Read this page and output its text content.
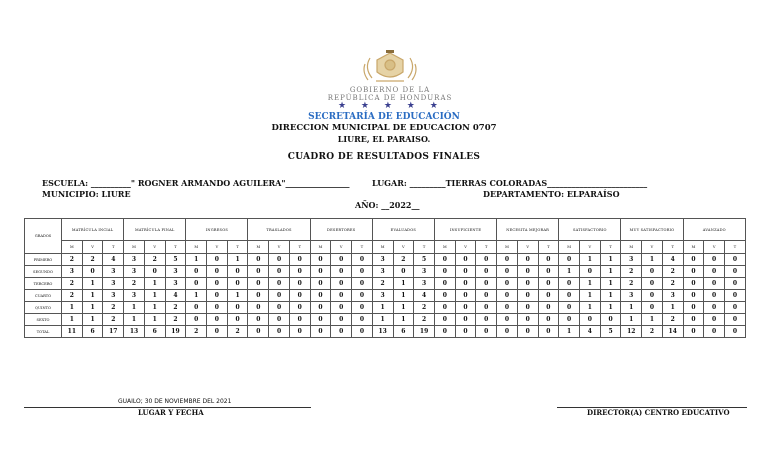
GOBIERNO DE LA
REPÚBLICA DE HONDURAS
★ ★ ★ ★ ★
SECRETARÍA DE EDUCACIÓN
DIRECCION MUNICIPAL DE EDUCACION 0707
LIURE, EL PARAISO.
CUADRO DE RESULTADOS FINALES
ESCUELA: __________" ROGNER ARMANDO AGUILERA"________________	LUGAR: _________TIERRAS COLORADAS_________________________
MUNICIPIO: LIURE	DEPARTAMENTO: ELPARAÍSO
AÑO: __2022__
GRADOS	MATRÍCULA INCIAL			MATRÍCULA FINAL			INGRESOS			TRASLADOS			DESERTORES			EVALUADOS			INSUFICIENTE			NECESITA MEJORAR			SATISFACTORIO			MUY SATISFACTORIO			AVANZADO		
	M	V	T	M	V	T	M	V	T	M	V	T	M	V	T	M	V	T	M	V	T	M	V	T	M	V	T	M	V	T	M	V	T
PRIMERO	2	2	4	3	2	5	1	0	1	0	0	0	0	0	0	3	2	5	0	0	0	0	0	0	0	1	1	3	1	4	0	0	0
SEGUNDO	3	0	3	3	0	3	0	0	0	0	0	0	0	0	0	3	0	3	0	0	0	0	0	0	1	0	1	2	0	2	0	0	0
TERCERO	2	1	3	2	1	3	0	0	0	0	0	0	0	0	0	2	1	3	0	0	0	0	0	0	0	1	1	2	0	2	0	0	0
CUARTO	2	1	3	3	1	4	1	0	1	0	0	0	0	0	0	3	1	4	0	0	0	0	0	0	0	1	1	3	0	3	0	0	0
QUINTO	1	1	2	1	1	2	0	0	0	0	0	0	0	0	0	1	1	2	0	0	0	0	0	0	0	1	1	1	0	1	0	0	0
SEXTO	1	1	2	1	1	2	0	0	0	0	0	0	0	0	0	1	1	2	0	0	0	0	0	0	0	0	0	1	1	2	0	0	0
TOTAL	11	6	17	13	6	19	2	0	2	0	0	0	0	0	0	13	6	19	0	0	0	0	0	0	1	4	5	12	2	14	0	0	0
GUAILO; 30 DE NOVIEMBRE DEL 2021
LUGAR Y FECHA	DIRECTOR(A) CENTRO EDUCATIVO
